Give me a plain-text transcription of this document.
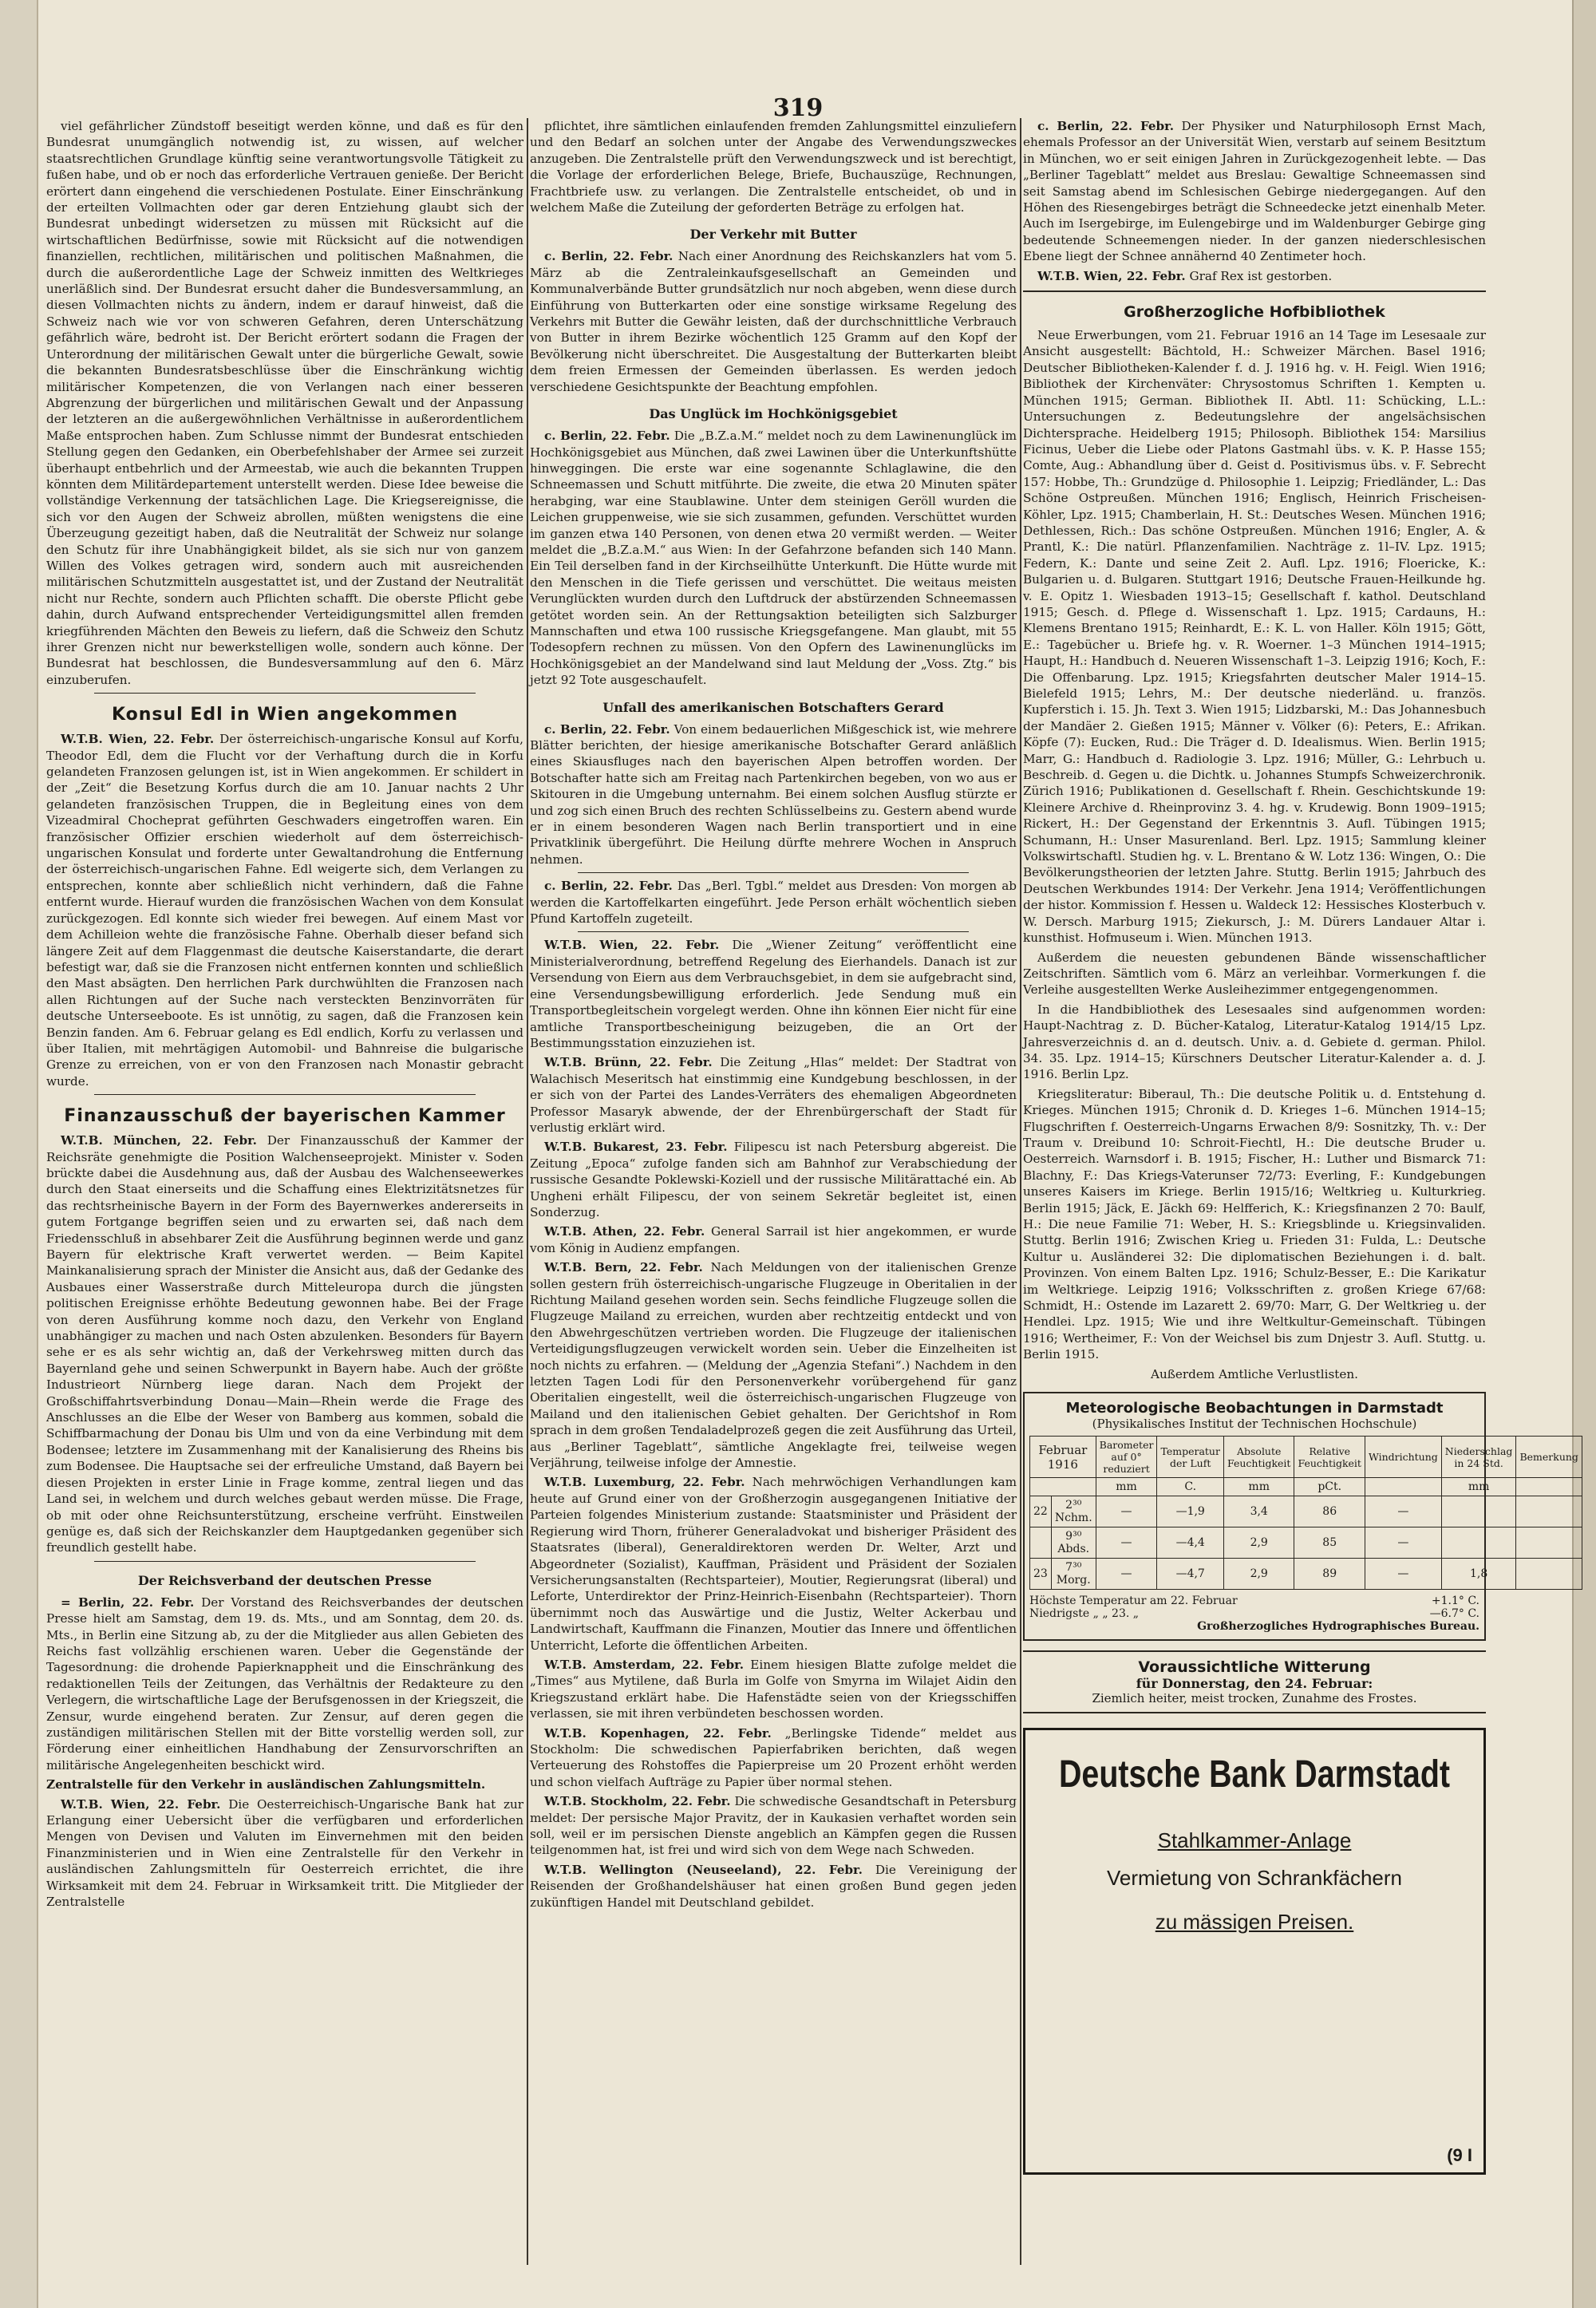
319

viel gefährlicher Zündstoff beseitigt werden könne, und daß es für den Bundesrat unumgänglich notwendig ist, zu wissen, auf welcher staatsrechtlichen Grundlage künftig seine verantwortungsvolle Tätigkeit zu fußen habe, und ob er noch das erforderliche Vertrauen genieße. Der Bericht erörtert dann eingehend die verschiedenen Postulate. Einer Einschränkung der erteilten Vollmachten oder gar deren Entziehung glaubt sich der Bundesrat unbedingt widersetzen zu müssen mit Rücksicht auf die wirtschaftlichen Bedürfnisse, sowie mit Rücksicht auf die notwendigen finanziellen, rechtlichen, militärischen und politischen Maßnahmen, die durch die außerordentliche Lage der Schweiz inmitten des Weltkrieges unerläßlich sind. Der Bundesrat ersucht daher die Bundesversammlung, an diesen Vollmachten nichts zu ändern, indem er darauf hinweist, daß die Schweiz nach wie vor von schweren Gefahren, deren Unterschätzung gefährlich wäre, bedroht ist. Der Bericht erörtert sodann die Fragen der Unterordnung der militärischen Gewalt unter die bürgerliche Gewalt, sowie die bekannten Bundesratsbeschlüsse über die Einschränkung wichtig militärischer Kompetenzen, die von Verlangen nach einer besseren Abgrenzung der bürgerlichen und militärischen Gewalt und der Anpassung der letzteren an die außergewöhnlichen Verhältnisse in außerordentlichem Maße entsprochen haben. Zum Schlusse nimmt der Bundesrat entschieden Stellung gegen den Gedanken, ein Oberbefehlshaber der Armee sei zurzeit überhaupt entbehrlich und der Armeestab, wie auch die bekannten Truppen könnten dem Militärdepartement unterstellt werden. Diese Idee beweise die vollständige Verkennung der tatsächlichen Lage. Die Kriegsereignisse, die sich vor den Augen der Schweiz abrollen, müßten wenigstens die eine Überzeugung gezeitigt haben, daß die Neutralität der Schweiz nur solange den Schutz für ihre Unabhängigkeit bildet, als sie sich nur von ganzem Willen des Volkes getragen wird, sondern auch mit ausreichenden militärischen Schutzmitteln ausgestattet ist, und der Zustand der Neutralität nicht nur Rechte, sondern auch Pflichten schafft. Die oberste Pflicht gebe dahin, durch Aufwand entsprechender Verteidigungsmittel allen fremden kriegführenden Mächten den Beweis zu liefern, daß die Schweiz den Schutz ihrer Grenzen nicht nur bewerkstelligen wolle, sondern auch könne. Der Bundesrat hat beschlossen, die Bundesversammlung auf den 6. März einzuberufen.

Konsul Edl in Wien angekommen

W.T.B. Wien, 22. Febr. Der österreichisch-ungarische Konsul auf Korfu, Theodor Edl, dem die Flucht vor der Verhaftung durch die in Korfu gelandeten Franzosen gelungen ist, ist in Wien angekommen. Er schildert in der „Zeit“ die Besetzung Korfus durch die am 10. Januar nachts 2 Uhr gelandeten französischen Truppen, die in Begleitung eines von dem Vizeadmiral Chocheprat geführten Geschwaders eingetroffen waren. Ein französischer Offizier erschien wiederholt auf dem österreichisch-ungarischen Konsulat und forderte unter Gewaltandrohung die Entfernung der österreichisch-ungarischen Fahne. Edl weigerte sich, dem Verlangen zu entsprechen, konnte aber schließlich nicht verhindern, daß die Fahne entfernt wurde. Hierauf wurden die französischen Wachen von dem Konsulat zurückgezogen. Edl konnte sich wieder frei bewegen. Auf einem Mast vor dem Achilleion wehte die französische Fahne. Oberhalb dieser befand sich längere Zeit auf dem Flaggenmast die deutsche Kaiserstandarte, die derart befestigt war, daß sie die Franzosen nicht entfernen konnten und schließlich den Mast absägten. Den herrlichen Park durchwühlten die Franzosen nach allen Richtungen auf der Suche nach versteckten Benzinvorräten für deutsche Unterseeboote. Es ist unnötig, zu sagen, daß die Franzosen kein Benzin fanden. Am 6. Februar gelang es Edl endlich, Korfu zu verlassen und über Italien, mit mehrtägigen Automobil- und Bahnreise die bulgarische Grenze zu erreichen, von er von den Franzosen nach Monastir gebracht wurde.

Finanzausschuß der bayerischen Kammer

W.T.B. München, 22. Febr. Der Finanzausschuß der Kammer der Reichsräte genehmigte die Position Walchenseeprojekt. Minister v. Soden brückte dabei die Ausdehnung aus, daß der Ausbau des Walchenseewerkes durch den Staat einerseits und die Schaffung eines Elektrizitätsnetzes für das rechtsrheinische Bayern in der Form des Bayernwerkes andererseits in gutem Fortgange begriffen seien und zu erwarten sei, daß nach dem Friedensschluß in absehbarer Zeit die Ausführung beginnen werde und ganz Bayern für elektrische Kraft verwertet werden. — Beim Kapitel Mainkanalisierung sprach der Minister die Ansicht aus, daß der Gedanke des Ausbaues einer Wasserstraße durch Mitteleuropa durch die jüngsten politischen Ereignisse erhöhte Bedeutung gewonnen habe. Bei der Frage von deren Ausführung komme noch dazu, den Verkehr von England unabhängiger zu machen und nach Osten abzulenken. Besonders für Bayern sehe er es als sehr wichtig an, daß der Verkehrsweg mitten durch das Bayernland gehe und seinen Schwerpunkt in Bayern habe. Auch der größte Industrieort Nürnberg liege daran. Nach dem Projekt der Großschiffahrtsverbindung Donau—Main—Rhein werde die Frage des Anschlusses an die Elbe der Weser von Bamberg aus kommen, sobald die Schiffbarmachung der Donau bis Ulm und von da eine Verbindung mit dem Bodensee; letztere im Zusammenhang mit der Kanalisierung des Rheins bis zum Bodensee. Die Hauptsache sei der erfreuliche Umstand, daß Bayern bei diesen Projekten in erster Linie in Frage komme, zentral liegen und das Land sei, in welchem und durch welches gebaut werden müsse. Die Frage, ob mit oder ohne Reichsunterstützung, erscheine verfrüht. Einstweilen genüge es, daß sich der Reichskanzler dem Hauptgedanken gegenüber sich freundlich gestellt habe.

Der Reichsverband der deutschen Presse

= Berlin, 22. Febr. Der Vorstand des Reichsverbandes der deutschen Presse hielt am Samstag, dem 19. ds. Mts., und am Sonntag, dem 20. ds. Mts., in Berlin eine Sitzung ab, zu der die Mitglieder aus allen Gebieten des Reichs fast vollzählig erschienen waren. Ueber die Gegenstände der Tagesordnung: die drohende Papierknappheit und die Einschränkung des redaktionellen Teils der Zeitungen, das Verhältnis der Redakteure zu den Verlegern, die wirtschaftliche Lage der Berufsgenossen in der Kriegszeit, die Zensur, wurde eingehend beraten. Zur Zensur, auf deren gegen die zuständigen militärischen Stellen mit der Bitte vorstellig werden soll, zur Förderung einer einheitlichen Handhabung der Zensurvorschriften an militärische Angelegenheiten beschickt wird.

Zentralstelle für den Verkehr in ausländischen Zahlungsmitteln.

W.T.B. Wien, 22. Febr. Die Oesterreichisch-Ungarische Bank hat zur Erlangung einer Uebersicht über die verfügbaren und erforderlichen Mengen von Devisen und Valuten im Einvernehmen mit den beiden Finanzministerien und in Wien eine Zentralstelle für den Verkehr in ausländischen Zahlungsmitteln für Oesterreich errichtet, die ihre Wirksamkeit mit dem 24. Februar in Wirksamkeit tritt. Die Mitglieder der Zentralstelle

pflichtet, ihre sämtlichen einlaufenden fremden Zahlungsmittel einzuliefern und den Bedarf an solchen unter der Angabe des Verwendungszweckes anzugeben. Die Zentralstelle prüft den Verwendungszweck und ist berechtigt, die Vorlage der erforderlichen Belege, Briefe, Buchauszüge, Rechnungen, Frachtbriefe usw. zu verlangen. Die Zentralstelle entscheidet, ob und in welchem Maße die Zuteilung der geforderten Beträge zu erfolgen hat.

Der Verkehr mit Butter

c. Berlin, 22. Febr. Nach einer Anordnung des Reichskanzlers hat vom 5. März ab die Zentraleinkaufsgesellschaft an Gemeinden und Kommunalverbände Butter grundsätzlich nur noch abgeben, wenn diese durch Einführung von Butterkarten oder eine sonstige wirksame Regelung des Verkehrs mit Butter die Gewähr leisten, daß der durchschnittliche Verbrauch von Butter in ihrem Bezirke wöchentlich 125 Gramm auf den Kopf der Bevölkerung nicht überschreitet. Die Ausgestaltung der Butterkarten bleibt dem freien Ermessen der Gemeinden überlassen. Es werden jedoch verschiedene Gesichtspunkte der Beachtung empfohlen.

Das Unglück im Hochkönigsgebiet

c. Berlin, 22. Febr. Die „B.Z.a.M.“ meldet noch zu dem Lawinenunglück im Hochkönigsgebiet aus München, daß zwei Lawinen über die Unterkunftshütte hinweggingen. Die erste war eine sogenannte Schlaglawine, die den Schneemassen und Schutt mitführte. Die zweite, die etwa 20 Minuten später herabging, war eine Staublawine. Unter dem steinigen Geröll wurden die Leichen gruppenweise, wie sie sich zusammen, gefunden. Verschüttet wurden im ganzen etwa 140 Personen, von denen etwa 20 vermißt werden. — Weiter meldet die „B.Z.a.M.“ aus Wien: In der Gefahrzone befanden sich 140 Mann. Ein Teil derselben fand in der Kirchseilhütte Unterkunft. Die Hütte wurde mit den Menschen in die Tiefe gerissen und verschüttet. Die weitaus meisten Verunglückten wurden durch den Luftdruck der abstürzenden Schneemassen getötet worden sein. An der Rettungsaktion beteiligten sich Salzburger Mannschaften und etwa 100 russische Kriegsgefangene. Man glaubt, mit 55 Todesopfern rechnen zu müssen. Von den Opfern des Lawinenunglücks im Hochkönigsgebiet an der Mandelwand sind laut Meldung der „Voss. Ztg.“ bis jetzt 92 Tote ausgeschaufelt.

Unfall des amerikanischen Botschafters Gerard

c. Berlin, 22. Febr. Von einem bedauerlichen Mißgeschick ist, wie mehrere Blätter berichten, der hiesige amerikanische Botschafter Gerard anläßlich eines Skiausfluges nach den bayerischen Alpen betroffen worden. Der Botschafter hatte sich am Freitag nach Partenkirchen begeben, von wo aus er Skitouren in die Umgebung unternahm. Bei einem solchen Ausflug stürzte er und zog sich einen Bruch des rechten Schlüsselbeins zu. Gestern abend wurde er in einem besonderen Wagen nach Berlin transportiert und in eine Privatklinik übergeführt. Die Heilung dürfte mehrere Wochen in Anspruch nehmen.

c. Berlin, 22. Febr. Das „Berl. Tgbl.“ meldet aus Dresden: Von morgen ab werden die Kartoffelkarten eingeführt. Jede Person erhält wöchentlich sieben Pfund Kartoffeln zugeteilt.

W.T.B. Wien, 22. Febr. Die „Wiener Zeitung“ veröffentlicht eine Ministerialverordnung, betreffend Regelung des Eierhandels. Danach ist zur Versendung von Eiern aus dem Verbrauchsgebiet, in dem sie aufgebracht sind, eine Versendungsbewilligung erforderlich. Jede Sendung muß ein Transportbegleitschein vorgelegt werden. Ohne ihn können Eier nicht für eine amtliche Transportbescheinigung beizugeben, die an Ort der Bestimmungsstation einzuziehen ist.

W.T.B. Brünn, 22. Febr. Die Zeitung „Hlas“ meldet: Der Stadtrat von Walachisch Meseritsch hat einstimmig eine Kundgebung beschlossen, in der er sich von der Partei des Landes-Verräters des ehemaligen Abgeordneten Professor Masaryk abwende, der der Ehrenbürgerschaft der Stadt für verlustig erklärt wird.

W.T.B. Bukarest, 23. Febr. Filipescu ist nach Petersburg abgereist. Die Zeitung „Epoca“ zufolge fanden sich am Bahnhof zur Verabschiedung der russische Gesandte Poklewski-Koziell und der russische Militärattaché ein. Ab Ungheni erhält Filipescu, der von seinem Sekretär begleitet ist, einen Sonderzug.

W.T.B. Athen, 22. Febr. General Sarrail ist hier angekommen, er wurde vom König in Audienz empfangen.

W.T.B. Bern, 22. Febr. Nach Meldungen von der italienischen Grenze sollen gestern früh österreichisch-ungarische Flugzeuge in Oberitalien in der Richtung Mailand gesehen worden sein. Sechs feindliche Flugzeuge sollen die Flugzeuge Mailand zu erreichen, wurden aber rechtzeitig entdeckt und von den Abwehrgeschützen vertrieben worden. Die Flugzeuge der italienischen Verteidigungsflugzeugen verwickelt worden sein. Ueber die Einzelheiten ist noch nichts zu erfahren. — (Meldung der „Agenzia Stefani“.) Nachdem in den letzten Tagen Lodi für den Personenverkehr vorübergehend für ganz Oberitalien eingestellt, weil die österreichisch-ungarischen Flugzeuge von Mailand und den italienischen Gebiet gehalten. Der Gerichtshof in Rom sprach in dem großen Tendaladelprozeß gegen die zeit Ausführung das Urteil, aus „Berliner Tageblatt“, sämtliche Angeklagte frei, teilweise wegen Verjährung, teilweise infolge der Amnestie.

W.T.B. Luxemburg, 22. Febr. Nach mehrwöchigen Verhandlungen kam heute auf Grund einer von der Großherzogin ausgegangenen Initiative der Parteien folgendes Ministerium zustande: Staatsminister und Präsident der Regierung wird Thorn, früherer Generaladvokat und bisheriger Präsident des Staatsrates (liberal), Generaldirektoren werden Dr. Welter, Arzt und Abgeordneter (Sozialist), Kauffman, Präsident und Präsident der Sozialen Versicherungsanstalten (Rechtsparteier), Moutier, Regierungsrat (liberal) und Leforte, Unterdirektor der Prinz-Heinrich-Eisenbahn (Rechtsparteier). Thorn übernimmt noch das Auswärtige und die Justiz, Welter Ackerbau und Landwirtschaft, Kauffmann die Finanzen, Moutier das Innere und öffentlichen Unterricht, Leforte die öffentlichen Arbeiten.

W.T.B. Amsterdam, 22. Febr. Einem hiesigen Blatte zufolge meldet die „Times“ aus Mytilene, daß Burla im Golfe von Smyrna im Wilajet Aidin den Kriegszustand erklärt habe. Die Hafenstädte seien von der Kriegsschiffen verlassen, sie mit ihren verbündeten beschossen worden.

W.T.B. Kopenhagen, 22. Febr. „Berlingske Tidende“ meldet aus Stockholm: Die schwedischen Papierfabriken berichten, daß wegen Verteuerung des Rohstoffes die Papierpreise um 20 Prozent erhöht werden und schon vielfach Aufträge zu Papier über normal stehen.

W.T.B. Stockholm, 22. Febr. Die schwedische Gesandtschaft in Petersburg meldet: Der persische Major Pravitz, der in Kaukasien verhaftet worden sein soll, weil er im persischen Dienste angeblich an Kämpfen gegen die Russen teilgenommen hat, ist frei und wird sich von dem Wege nach Schweden.

W.T.B. Wellington (Neuseeland), 22. Febr. Die Vereinigung der Reisenden der Großhandelshäuser hat einen großen Bund gegen jeden zukünftigen Handel mit Deutschland gebildet.

c. Berlin, 22. Febr. Der Physiker und Naturphilosoph Ernst Mach, ehemals Professor an der Universität Wien, verstarb auf seinem Besitztum in München, wo er seit einigen Jahren in Zurückgezogenheit lebte. — Das „Berliner Tageblatt“ meldet aus Breslau: Gewaltige Schneemassen sind seit Samstag abend im Schlesischen Gebirge niedergegangen. Auf den Höhen des Riesengebirges beträgt die Schneedecke jetzt einenhalb Meter. Auch im Isergebirge, im Eulengebirge und im Waldenburger Gebirge ging bedeutende Schneemengen nieder. In der ganzen niederschlesischen Ebene liegt der Schnee annähernd 40 Zentimeter hoch.

W.T.B. Wien, 22. Febr. Graf Rex ist gestorben.

Großherzogliche Hofbibliothek

Neue Erwerbungen, vom 21. Februar 1916 an 14 Tage im Lesesaale zur Ansicht ausgestellt: Bächtold, H.: Schweizer Märchen. Basel 1916; Deutscher Bibliotheken-Kalender f. d. J. 1916 hg. v. H. Feigl. Wien 1916; Bibliothek der Kirchenväter: Chrysostomus Schriften 1. Kempten u. München 1915; German. Bibliothek II. Abtl. 11: Schücking, L.L.: Untersuchungen z. Bedeutungslehre der angelsächsischen Dichtersprache. Heidelberg 1915; Philosoph. Bibliothek 154: Marsilius Ficinus, Ueber die Liebe oder Platons Gastmahl übs. v. K. P. Hasse 155; Comte, Aug.: Abhandlung über d. Geist d. Positivismus übs. v. F. Sebrecht 157: Hobbe, Th.: Grundzüge d. Philosophie 1. Leipzig; Friedländer, L.: Das Schöne Ostpreußen. München 1916; Englisch, Heinrich Frischeisen-Köhler, Lpz. 1915; Chamberlain, H. St.: Deutsches Wesen. München 1916; Dethlessen, Rich.: Das schöne Ostpreußen. München 1916; Engler, A. & Prantl, K.: Die natürl. Pflanzenfamilien. Nachträge z. 1l–IV. Lpz. 1915; Federn, K.: Dante und seine Zeit 2. Aufl. Lpz. 1916; Floericke, K.: Bulgarien u. d. Bulgaren. Stuttgart 1916; Deutsche Frauen-Heilkunde hg. v. E. Opitz 1. Wiesbaden 1913–15; Gesellschaft f. kathol. Deutschland 1915; Gesch. d. Pflege d. Wissenschaft 1. Lpz. 1915; Cardauns, H.: Klemens Brentano 1915; Reinhardt, E.: K. L. von Haller. Köln 1915; Gött, E.: Tagebücher u. Briefe hg. v. R. Woerner. 1–3 München 1914–1915; Haupt, H.: Handbuch d. Neueren Wissenschaft 1–3. Leipzig 1916; Koch, F.: Die Offenbarung. Lpz. 1915; Kriegsfahrten deutscher Maler 1914–15. Bielefeld 1915; Lehrs, M.: Der deutsche niederländ. u. französ. Kupferstich i. 15. Jh. Text 3. Wien 1915; Lidzbarski, M.: Das Johannesbuch der Mandäer 2. Gießen 1915; Männer v. Völker (6): Peters, E.: Afrikan. Köpfe (7): Eucken, Rud.: Die Träger d. D. Idealismus. Wien. Berlin 1915; Marr, G.: Handbuch d. Radiologie 3. Lpz. 1916; Müller, G.: Lehrbuch u. Beschreib. d. Gegen u. die Dichtk. u. Johannes Stumpfs Schweizerchronik. Zürich 1916; Publikationen d. Gesellschaft f. Rhein. Geschichtskunde 19: Kleinere Archive d. Rheinprovinz 3. 4. hg. v. Krudewig. Bonn 1909–1915; Rickert, H.: Der Gegenstand der Erkenntnis 3. Aufl. Tübingen 1915; Schumann, H.: Unser Masurenland. Berl. Lpz. 1915; Sammlung kleiner Volkswirtschaftl. Studien hg. v. L. Brentano & W. Lotz 136: Wingen, O.: Die Bevölkerungstheorien der letzten Jahre. Stuttg. Berlin 1915; Jahrbuch des Deutschen Werkbundes 1914: Der Verkehr. Jena 1914; Veröffentlichungen der histor. Kommission f. Hessen u. Waldeck 12: Hessisches Klosterbuch v. W. Dersch. Marburg 1915; Ziekursch, J.: M. Dürers Landauer Altar i. kunsthist. Hofmuseum i. Wien. München 1913.

Außerdem die neuesten gebundenen Bände wissenschaftlicher Zeitschriften. Sämtlich vom 6. März an verleihbar. Vormerkungen f. die Verleihe ausgestellten Werke Ausleihezimmer entgegengenommen.

In die Handbibliothek des Lesesaales sind aufgenommen worden: Haupt-Nachtrag z. D. Bücher-Katalog, Literatur-Katalog 1914/15 Lpz. Jahresverzeichnis d. an d. deutsch. Univ. a. d. Gebiete d. german. Philol. 34. 35. Lpz. 1914–15; Kürschners Deutscher Literatur-Kalender a. d. J. 1916. Berlin Lpz.

Kriegsliteratur: Biberaul, Th.: Die deutsche Politik u. d. Entstehung d. Krieges. München 1915; Chronik d. D. Krieges 1–6. München 1914–15; Flugschriften f. Oesterreich-Ungarns Erwachen 8/9: Sosnitzky, Th. v.: Der Traum v. Dreibund 10: Schroit-Fiechtl, H.: Die deutsche Bruder u. Oesterreich. Warnsdorf i. B. 1915; Fischer, H.: Luther und Bismarck 71: Blachny, F.: Das Kriegs-Vaterunser 72/73: Everling, F.: Kundgebungen unseres Kaisers im Kriege. Berlin 1915/16; Weltkrieg u. Kulturkrieg. Berlin 1915; Jäck, E. Jäckh 69: Helfferich, K.: Kriegsfinanzen 2 70: Baulf, H.: Die neue Familie 71: Weber, H. S.: Kriegsblinde u. Kriegsinvaliden. Stuttg. Berlin 1916; Zwischen Krieg u. Frieden 31: Fulda, L.: Deutsche Kultur u. Ausländerei 32: Die diplomatischen Beziehungen i. d. balt. Provinzen. Von einem Balten Lpz. 1916; Schulz-Besser, E.: Die Karikatur im Weltkriege. Leipzig 1916; Volksschriften z. großen Kriege 67/68: Schmidt, H.: Ostende im Lazarett 2. 69/70: Marr, G. Der Weltkrieg u. der Hendlei. Lpz. 1915; Wie und ihre Weltkultur-Gemeinschaft. Tübingen 1916; Wertheimer, F.: Von der Weichsel bis zum Dnjestr 3. Aufl. Stuttg. u. Berlin 1915.

Außerdem Amtliche Verlustlisten.

Meteorologische Beobachtungen in Darmstadt
(Physikalisches Institut der Technischen Hochschule)
Februar
1916		Barometer auf 0° reduziert	Temperatur der Luft	Absolute Feuchtigkeit	Relative Feuchtigkeit	Windrichtung	Niederschlag in 24 Std.	Bemerkung
		mm	C.	mm	pCt.		mm	
22	2³⁰ Nchm.	—	—1,9	3,4	86	—		
	9³⁰ Abds.	—	—4,4	2,9	85	—		
23	7³⁰ Morg.	—	—4,7	2,9	89	—	1,8	
Höchste Temperatur am 22. Februar	+1.1° C.
Niedrigste „ „ 23. „	—6.7° C.
Großherzogliches Hydrographisches Bureau.
Voraussichtliche Witterung
für Donnerstag, den 24. Februar:
Ziemlich heiter, meist trocken, Zunahme des Frostes.
Deutsche Bank Darmstadt
Stahlkammer-Anlage
Vermietung von Schrankfächern
zu mässigen Preisen.
(9 I
